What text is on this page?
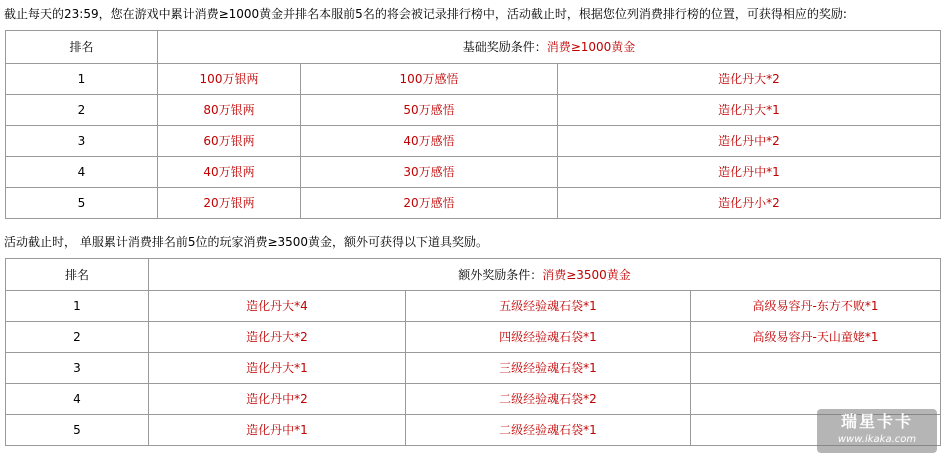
截止每天的23:59，您在游戏中累计消费≥1000黄金并排名本服前5名的将会被记录排行榜中，活动截止时，根据您位列消费排行榜的位置，可获得相应的奖励:
排名	基础奖励条件：消费≥1000黄金		
1	100万银两	100万感悟	造化丹大*2
2	80万银两	50万感悟	造化丹大*1
3	60万银两	40万感悟	造化丹中*2
4	40万银两	30万感悟	造化丹中*1
5	20万银两	20万感悟	造化丹小*2
活动截止时， 单服累计消费排名前5位的玩家消费≥3500黄金，额外可获得以下道具奖励。
排名	额外奖励条件：消费≥3500黄金		
1	造化丹大*4	五级经验魂石袋*1	高级易容丹-东方不败*1
2	造化丹大*2	四级经验魂石袋*1	高级易容丹-天山童姥*1
3	造化丹大*1	三级经验魂石袋*1	
4	造化丹中*2	二级经验魂石袋*2	
5	造化丹中*1	二级经验魂石袋*1		瑞星卡卡
www.ikaka.com
